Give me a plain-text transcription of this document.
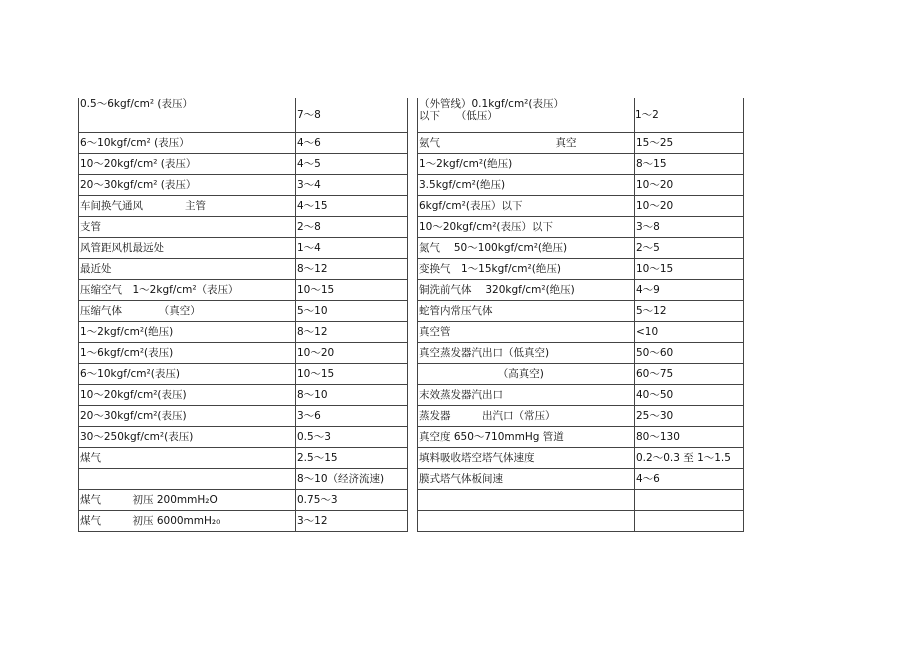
0.5～6kgf/cm² (表压）	7～8
6～10kgf/cm² (表压）	4～6
10～20kgf/cm² (表压）	4～5
20～30kgf/cm² (表压）	3～4
车间换气通风　　　　主管	4～15
支管	2～8
风管距风机最远处	1～4
最近处	8～12
压缩空气　1～2kgf/cm²（表压）	10～15
压缩气体　　　　（真空）	5～10
1～2kgf/cm²(绝压)	8～12
1～6kgf/cm²(表压)	10～20
6～10kgf/cm²(表压)	10～15
10～20kgf/cm²(表压)	8～10
20～30kgf/cm²(表压)	3～6
30～250kgf/cm²(表压)	0.5～3
煤气	2.5～15
	8～10（经济流速)
煤气　　　初压 200mmH₂O	0.75～3
煤气　　　初压 6000mmH₂₀	3～12
（外管线）0.1kgf/cm²(表压）
以下　　（低压）	1～2
氨气　　　　　　　　　　　真空	15～25
1～2kgf/cm²(绝压)	8～15
3.5kgf/cm²(绝压)	10～20
6kgf/cm²(表压）以下	10～20
10～20kgf/cm²(表压）以下	3～8
氮气　 50～100kgf/cm²(绝压)	2～5
变换气　1～15kgf/cm²(绝压)	10～15
铜洗前气体　 320kgf/cm²(绝压)	4～9
蛇管内常压气体	5～12
真空管	<10
真空蒸发器汽出口（低真空)	50～60
　　　　　　　　（高真空)	60～75
末效蒸发器汽出口	40～50
蒸发器　　　出汽口（常压）	25～30
真空度 650～710mmHg 管道	80～130
填料吸收塔空塔气体速度	0.2～0.3 至 1～1.5
膜式塔气体板间速	4～6
